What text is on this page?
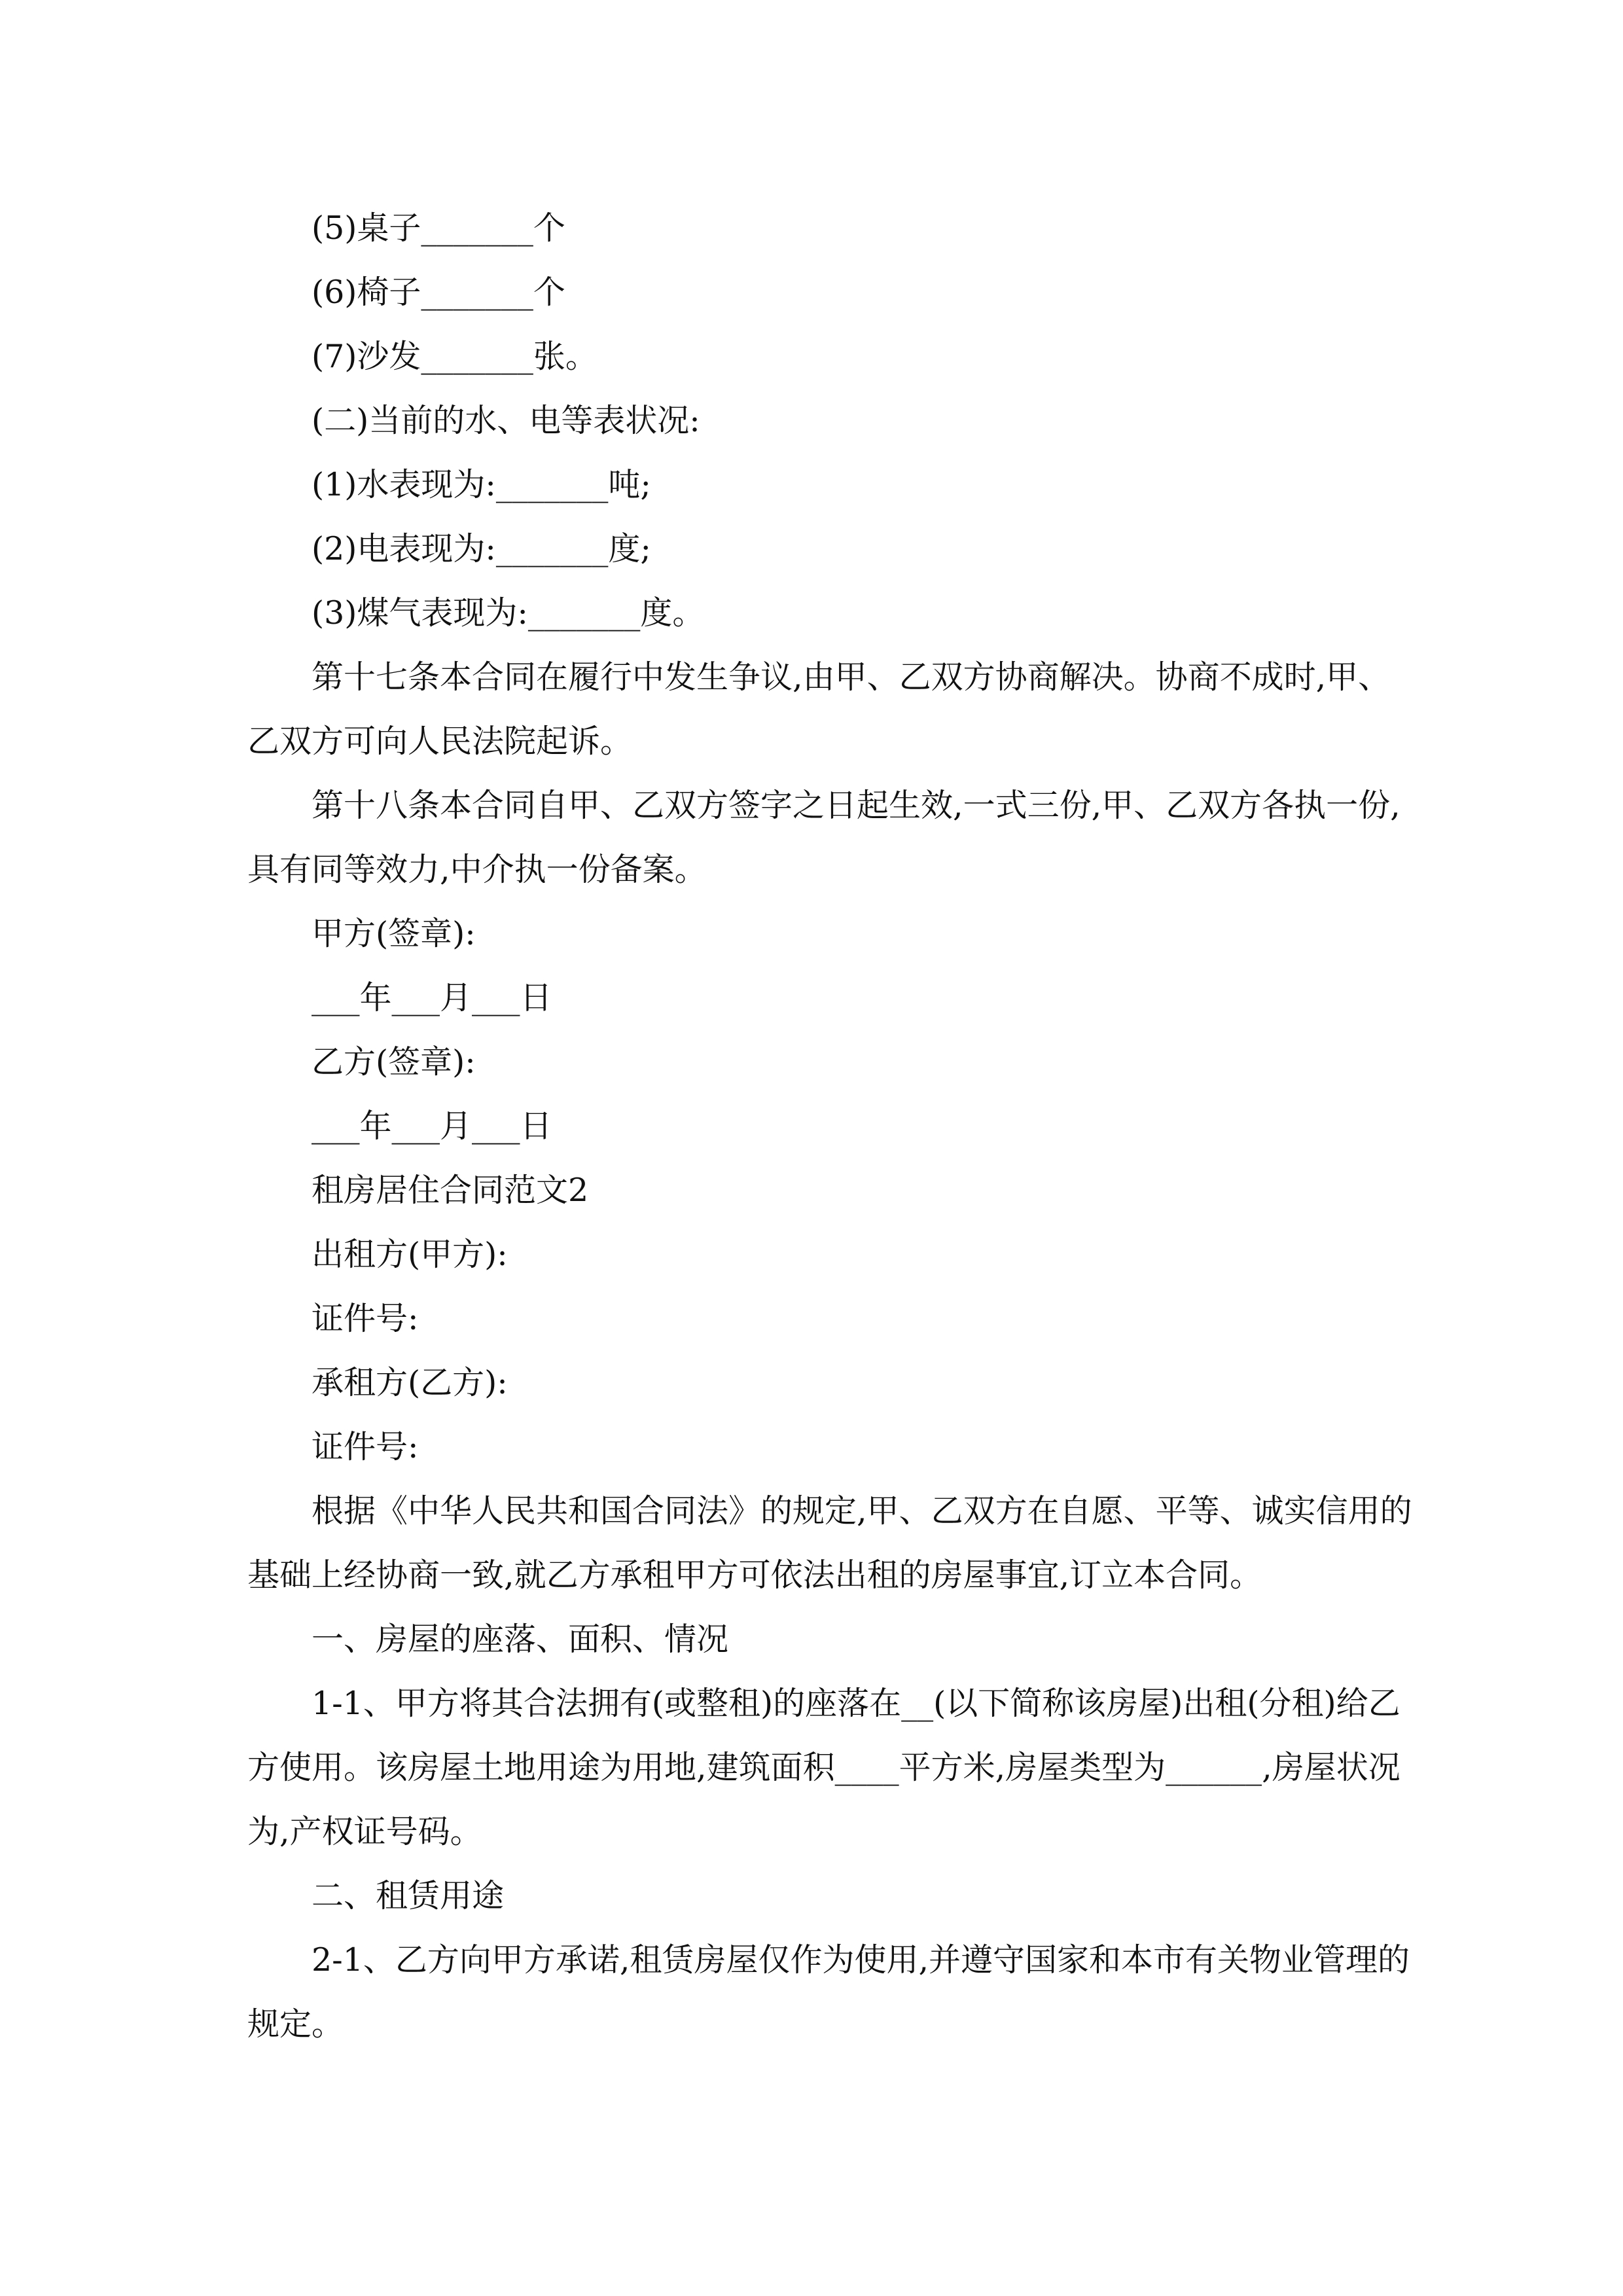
(5)桌子_______个

(6)椅子_______个

(7)沙发_______张。

(二)当前的水、电等表状况:

(1)水表现为:_______吨;

(2)电表现为:_______度;

(3)煤气表现为:_______度。

第十七条本合同在履行中发生争议,由甲、乙双方协商解决。协商不成时,甲、乙双方可向人民法院起诉。

第十八条本合同自甲、乙双方签字之日起生效,一式三份,甲、乙双方各执一份,具有同等效力,中介执一份备案。

甲方(签章):

___年___月___日

乙方(签章):

___年___月___日

租房居住合同范文2

出租方(甲方):

证件号:

承租方(乙方):

证件号:

根据《中华人民共和国合同法》的规定,甲、乙双方在自愿、平等、诚实信用的基础上经协商一致,就乙方承租甲方可依法出租的房屋事宜,订立本合同。

一、房屋的座落、面积、情况

1-1、甲方将其合法拥有(或整租)的座落在__(以下简称该房屋)出租(分租)给乙方使用。该房屋土地用途为用地,建筑面积____平方米,房屋类型为______,房屋状况为,产权证号码。

二、租赁用途

2-1、乙方向甲方承诺,租赁房屋仅作为使用,并遵守国家和本市有关物业管理的规定。
